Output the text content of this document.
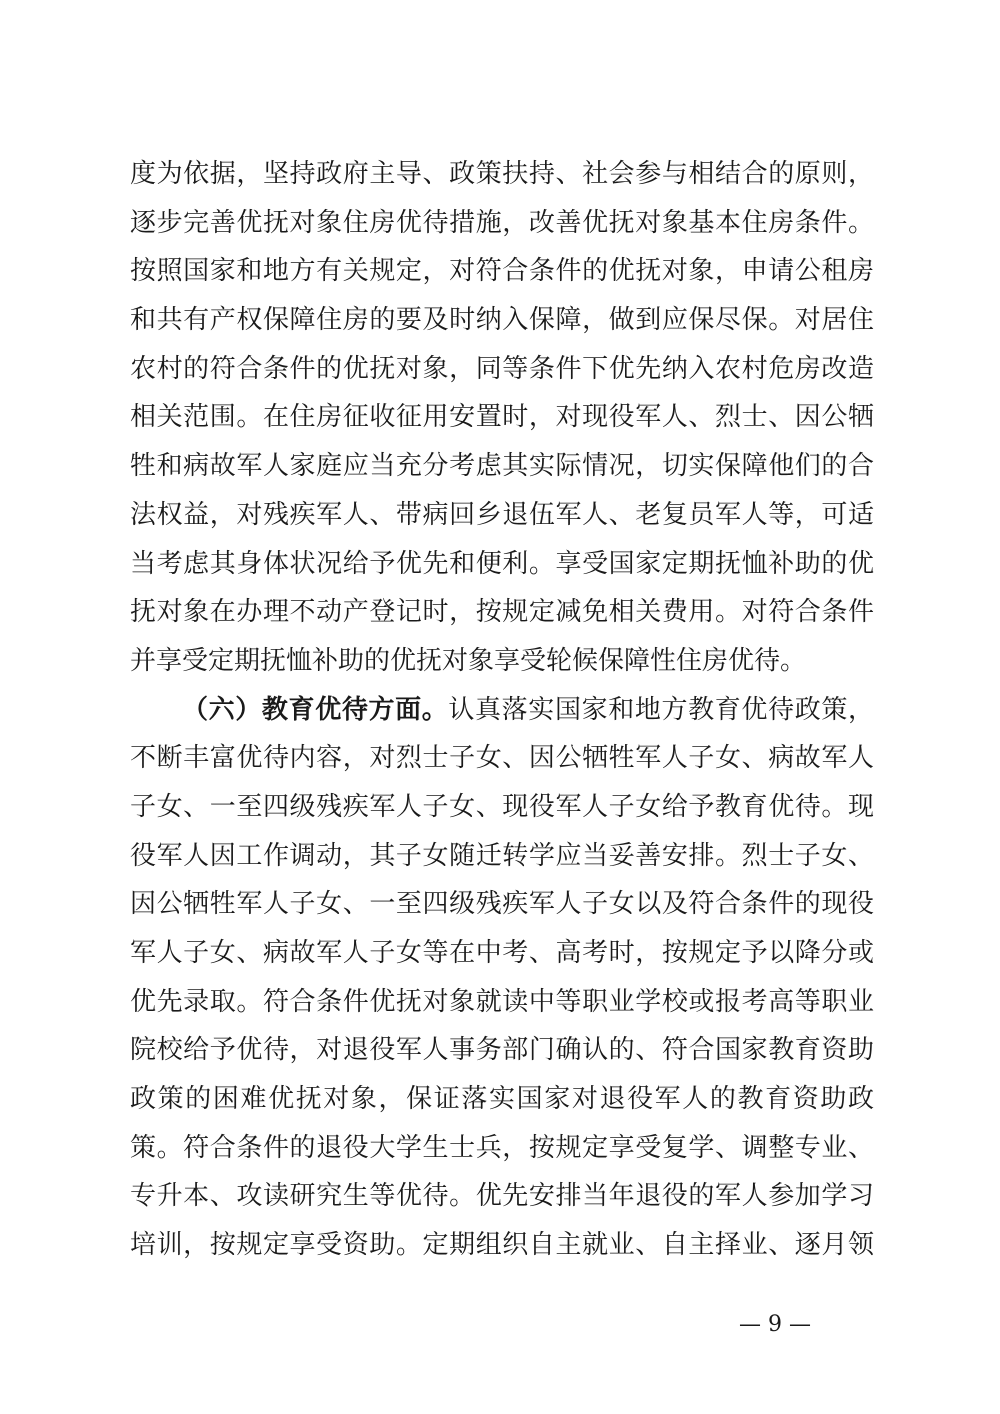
度为依据，坚持政府主导、政策扶持、社会参与相结合的原则，
逐步完善优抚对象住房优待措施，改善优抚对象基本住房条件。
按照国家和地方有关规定，对符合条件的优抚对象，申请公租房
和共有产权保障住房的要及时纳入保障，做到应保尽保。对居住
农村的符合条件的优抚对象，同等条件下优先纳入农村危房改造
相关范围。在住房征收征用安置时，对现役军人、烈士、因公牺
牲和病故军人家庭应当充分考虑其实际情况，切实保障他们的合
法权益，对残疾军人、带病回乡退伍军人、老复员军人等，可适
当考虑其身体状况给予优先和便利。享受国家定期抚恤补助的优
抚对象在办理不动产登记时，按规定减免相关费用。对符合条件
并享受定期抚恤补助的优抚对象享受轮候保障性住房优待。
（六）教育优待方面。认真落实国家和地方教育优待政策，
不断丰富优待内容，对烈士子女、因公牺牲军人子女、病故军人
子女、一至四级残疾军人子女、现役军人子女给予教育优待。现
役军人因工作调动，其子女随迁转学应当妥善安排。烈士子女、
因公牺牲军人子女、一至四级残疾军人子女以及符合条件的现役
军人子女、病故军人子女等在中考、高考时，按规定予以降分或
优先录取。符合条件优抚对象就读中等职业学校或报考高等职业
院校给予优待，对退役军人事务部门确认的、符合国家教育资助
政策的困难优抚对象，保证落实国家对退役军人的教育资助政
策。符合条件的退役大学生士兵，按规定享受复学、调整专业、
专升本、攻读研究生等优待。优先安排当年退役的军人参加学习
培训，按规定享受资助。定期组织自主就业、自主择业、逐月领
— 9 —
